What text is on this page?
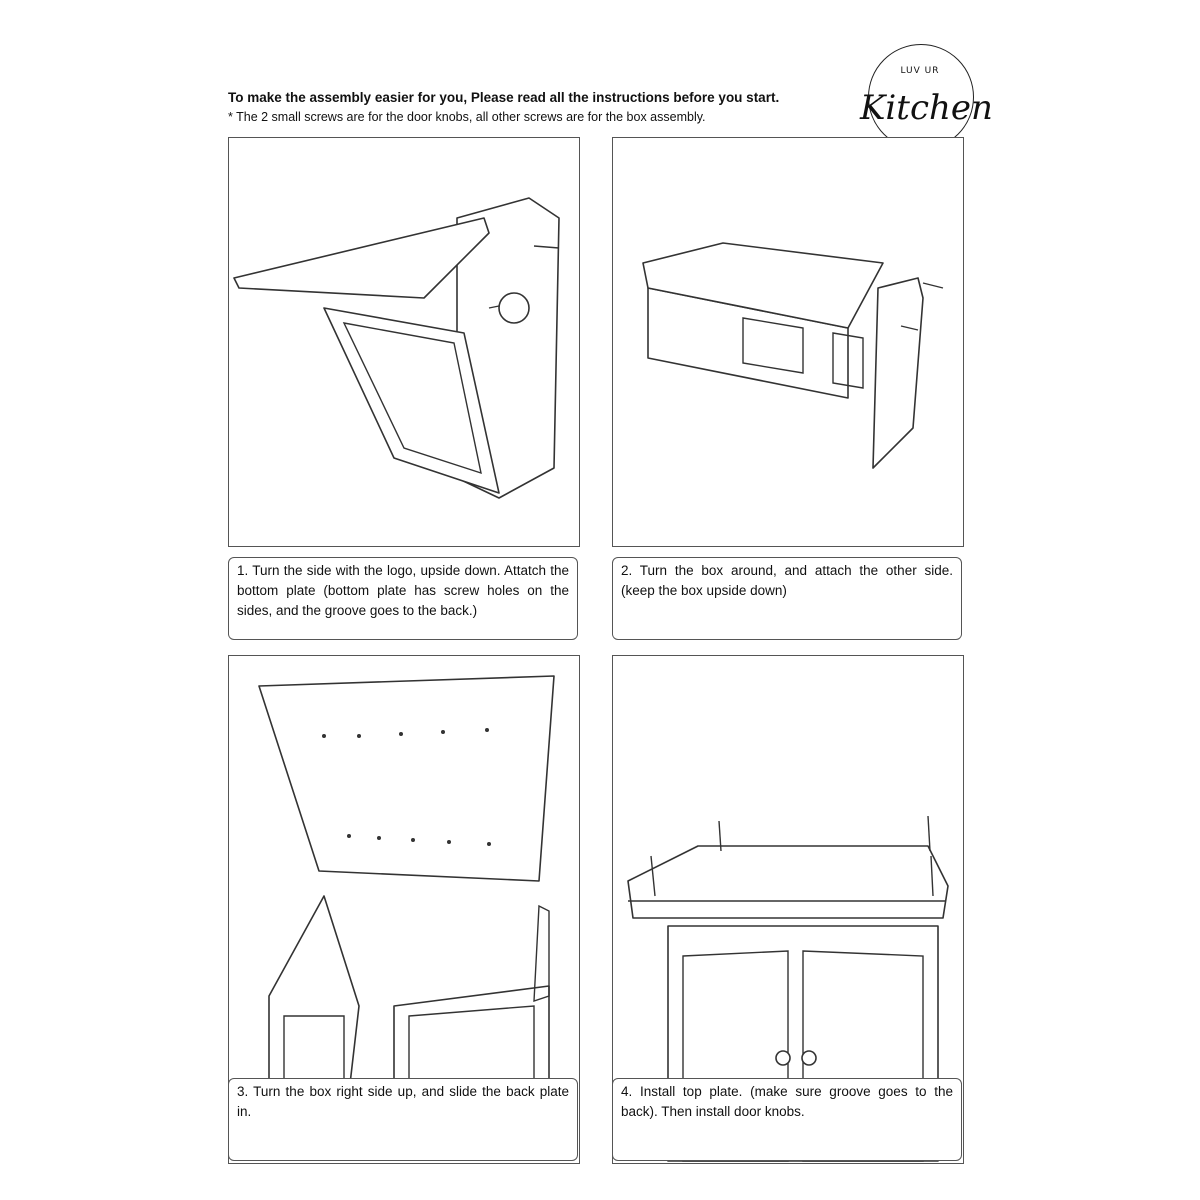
To make the assembly easier for you, Please read all the instructions before you start.
* The 2 small screws are for the door knobs, all other screws are for the box assembly.
LUV UR
Kitchen
1. Turn the side with the logo, upside down. Attatch the bottom plate (bottom plate has screw holes on the sides, and the groove goes to the back.)
2. Turn the box around, and attach the other side. (keep the box upside down)
3. Turn the box right side up, and slide the back plate in.
4. Install top plate. (make sure groove goes to the back). Then install door knobs.
